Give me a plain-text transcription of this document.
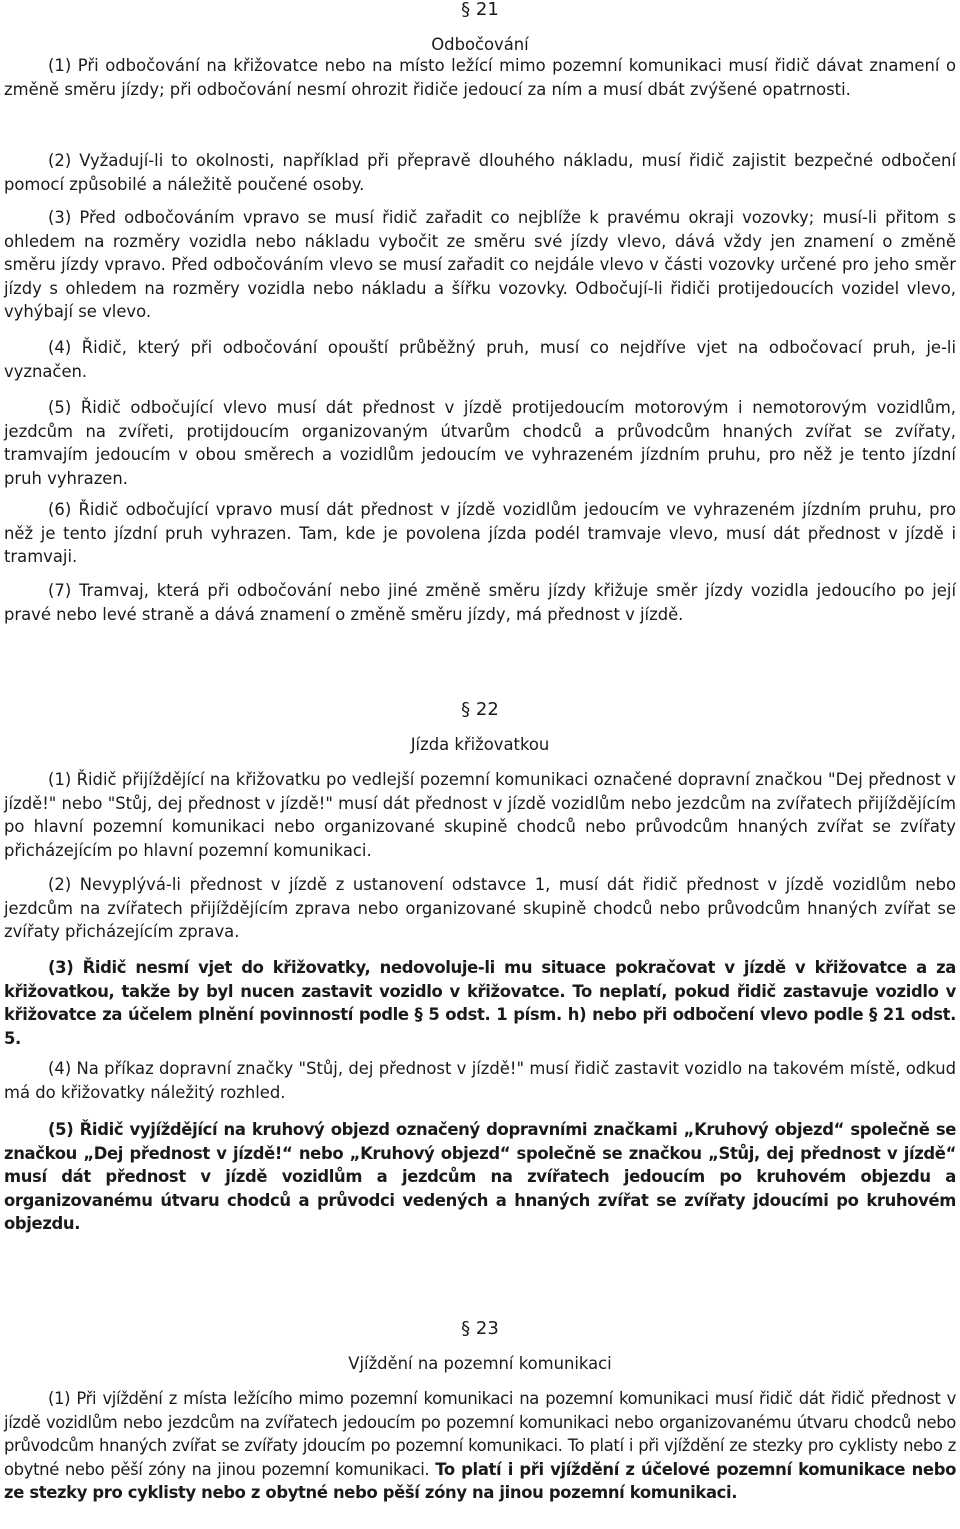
§ 21
Odbočování

(1) Při odbočování na křižovatce nebo na místo ležící mimo pozemní komunikaci musí řidič dávat znamení o změně směru jízdy; při odbočování nesmí ohrozit řidiče jedoucí za ním a musí dbát zvýšené opatrnosti.

(2) Vyžadují-li to okolnosti, například při přepravě dlouhého nákladu, musí řidič zajistit bezpečné odbočení pomocí způsobilé a náležitě poučené osoby.

(3) Před odbočováním vpravo se musí řidič zařadit co nejblíže k pravému okraji vozovky; musí-li přitom s ohledem na rozměry vozidla nebo nákladu vybočit ze směru své jízdy vlevo, dává vždy jen znamení o změně směru jízdy vpravo. Před odbočováním vlevo se musí zařadit co nejdále vlevo v části vozovky určené pro jeho směr jízdy s ohledem na rozměry vozidla nebo nákladu a šířku vozovky. Odbočují-li řidiči protijedoucích vozidel vlevo, vyhýbají se vlevo.

(4) Řidič, který při odbočování opouští průběžný pruh, musí co nejdříve vjet na odbočovací pruh, je-li vyznačen.

(5) Řidič odbočující vlevo musí dát přednost v jízdě protijedoucím motorovým i nemotorovým vozidlům, jezdcům na zvířeti, protijdoucím organizovaným útvarům chodců a průvodcům hnaných zvířat se zvířaty, tramvajím jedoucím v obou směrech a vozidlům jedoucím ve vyhrazeném jízdním pruhu, pro něž je tento jízdní pruh vyhrazen.

(6) Řidič odbočující vpravo musí dát přednost v jízdě vozidlům jedoucím ve vyhrazeném jízdním pruhu, pro něž je tento jízdní pruh vyhrazen. Tam, kde je povolena jízda podél tramvaje vlevo, musí dát přednost v jízdě i tramvaji.

(7) Tramvaj, která při odbočování nebo jiné změně směru jízdy křižuje směr jízdy vozidla jedoucího po její pravé nebo levé straně a dává znamení o změně směru jízdy, má přednost v jízdě.

§ 22
Jízda křižovatkou

(1) Řidič přijíždějící na křižovatku po vedlejší pozemní komunikaci označené dopravní značkou "Dej přednost v jízdě!" nebo "Stůj, dej přednost v jízdě!" musí dát přednost v jízdě vozidlům nebo jezdcům na zvířatech přijíždějícím po hlavní pozemní komunikaci nebo organizované skupině chodců nebo průvodcům hnaných zvířat se zvířaty přicházejícím po hlavní pozemní komunikaci.

(2) Nevyplývá-li přednost v jízdě z ustanovení odstavce 1, musí dát řidič přednost v jízdě vozidlům nebo jezdcům na zvířatech přijíždějícím zprava nebo organizované skupině chodců nebo průvodcům hnaných zvířat se zvířaty přicházejícím zprava.

(3) Řidič nesmí vjet do křižovatky, nedovoluje-li mu situace pokračovat v jízdě v křižovatce a za křižovatkou, takže by byl nucen zastavit vozidlo v křižovatce. To neplatí, pokud řidič zastavuje vozidlo v křižovatce za účelem plnění povinností podle § 5 odst. 1 písm. h) nebo při odbočení vlevo podle § 21 odst. 5.

(4) Na příkaz dopravní značky "Stůj, dej přednost v jízdě!" musí řidič zastavit vozidlo na takovém místě, odkud má do křižovatky náležitý rozhled.

(5) Řidič vyjíždějící na kruhový objezd označený dopravními značkami „Kruhový objezd“ společně se značkou „Dej přednost v jízdě!“ nebo „Kruhový objezd“ společně se značkou „Stůj, dej přednost v jízdě“ musí dát přednost v jízdě vozidlům a jezdcům na zvířatech jedoucím po kruhovém objezdu a organizovanému útvaru chodců a průvodci vedených a hnaných zvířat se zvířaty jdoucími po kruhovém objezdu.

§ 23
Vjíždění na pozemní komunikaci

(1) Při vjíždění z místa ležícího mimo pozemní komunikaci na pozemní komunikaci musí řidič dát řidič přednost v jízdě vozidlům nebo jezdcům na zvířatech jedoucím po pozemní komunikaci nebo organizovanému útvaru chodců nebo průvodcům hnaných zvířat se zvířaty jdoucím po pozemní komunikaci. To platí i při vjíždění ze stezky pro cyklisty nebo z obytné nebo pěší zóny na jinou pozemní komunikaci. To platí i při vjíždění z účelové pozemní komunikace nebo ze stezky pro cyklisty nebo z obytné nebo pěší zóny na jinou pozemní komunikaci.
